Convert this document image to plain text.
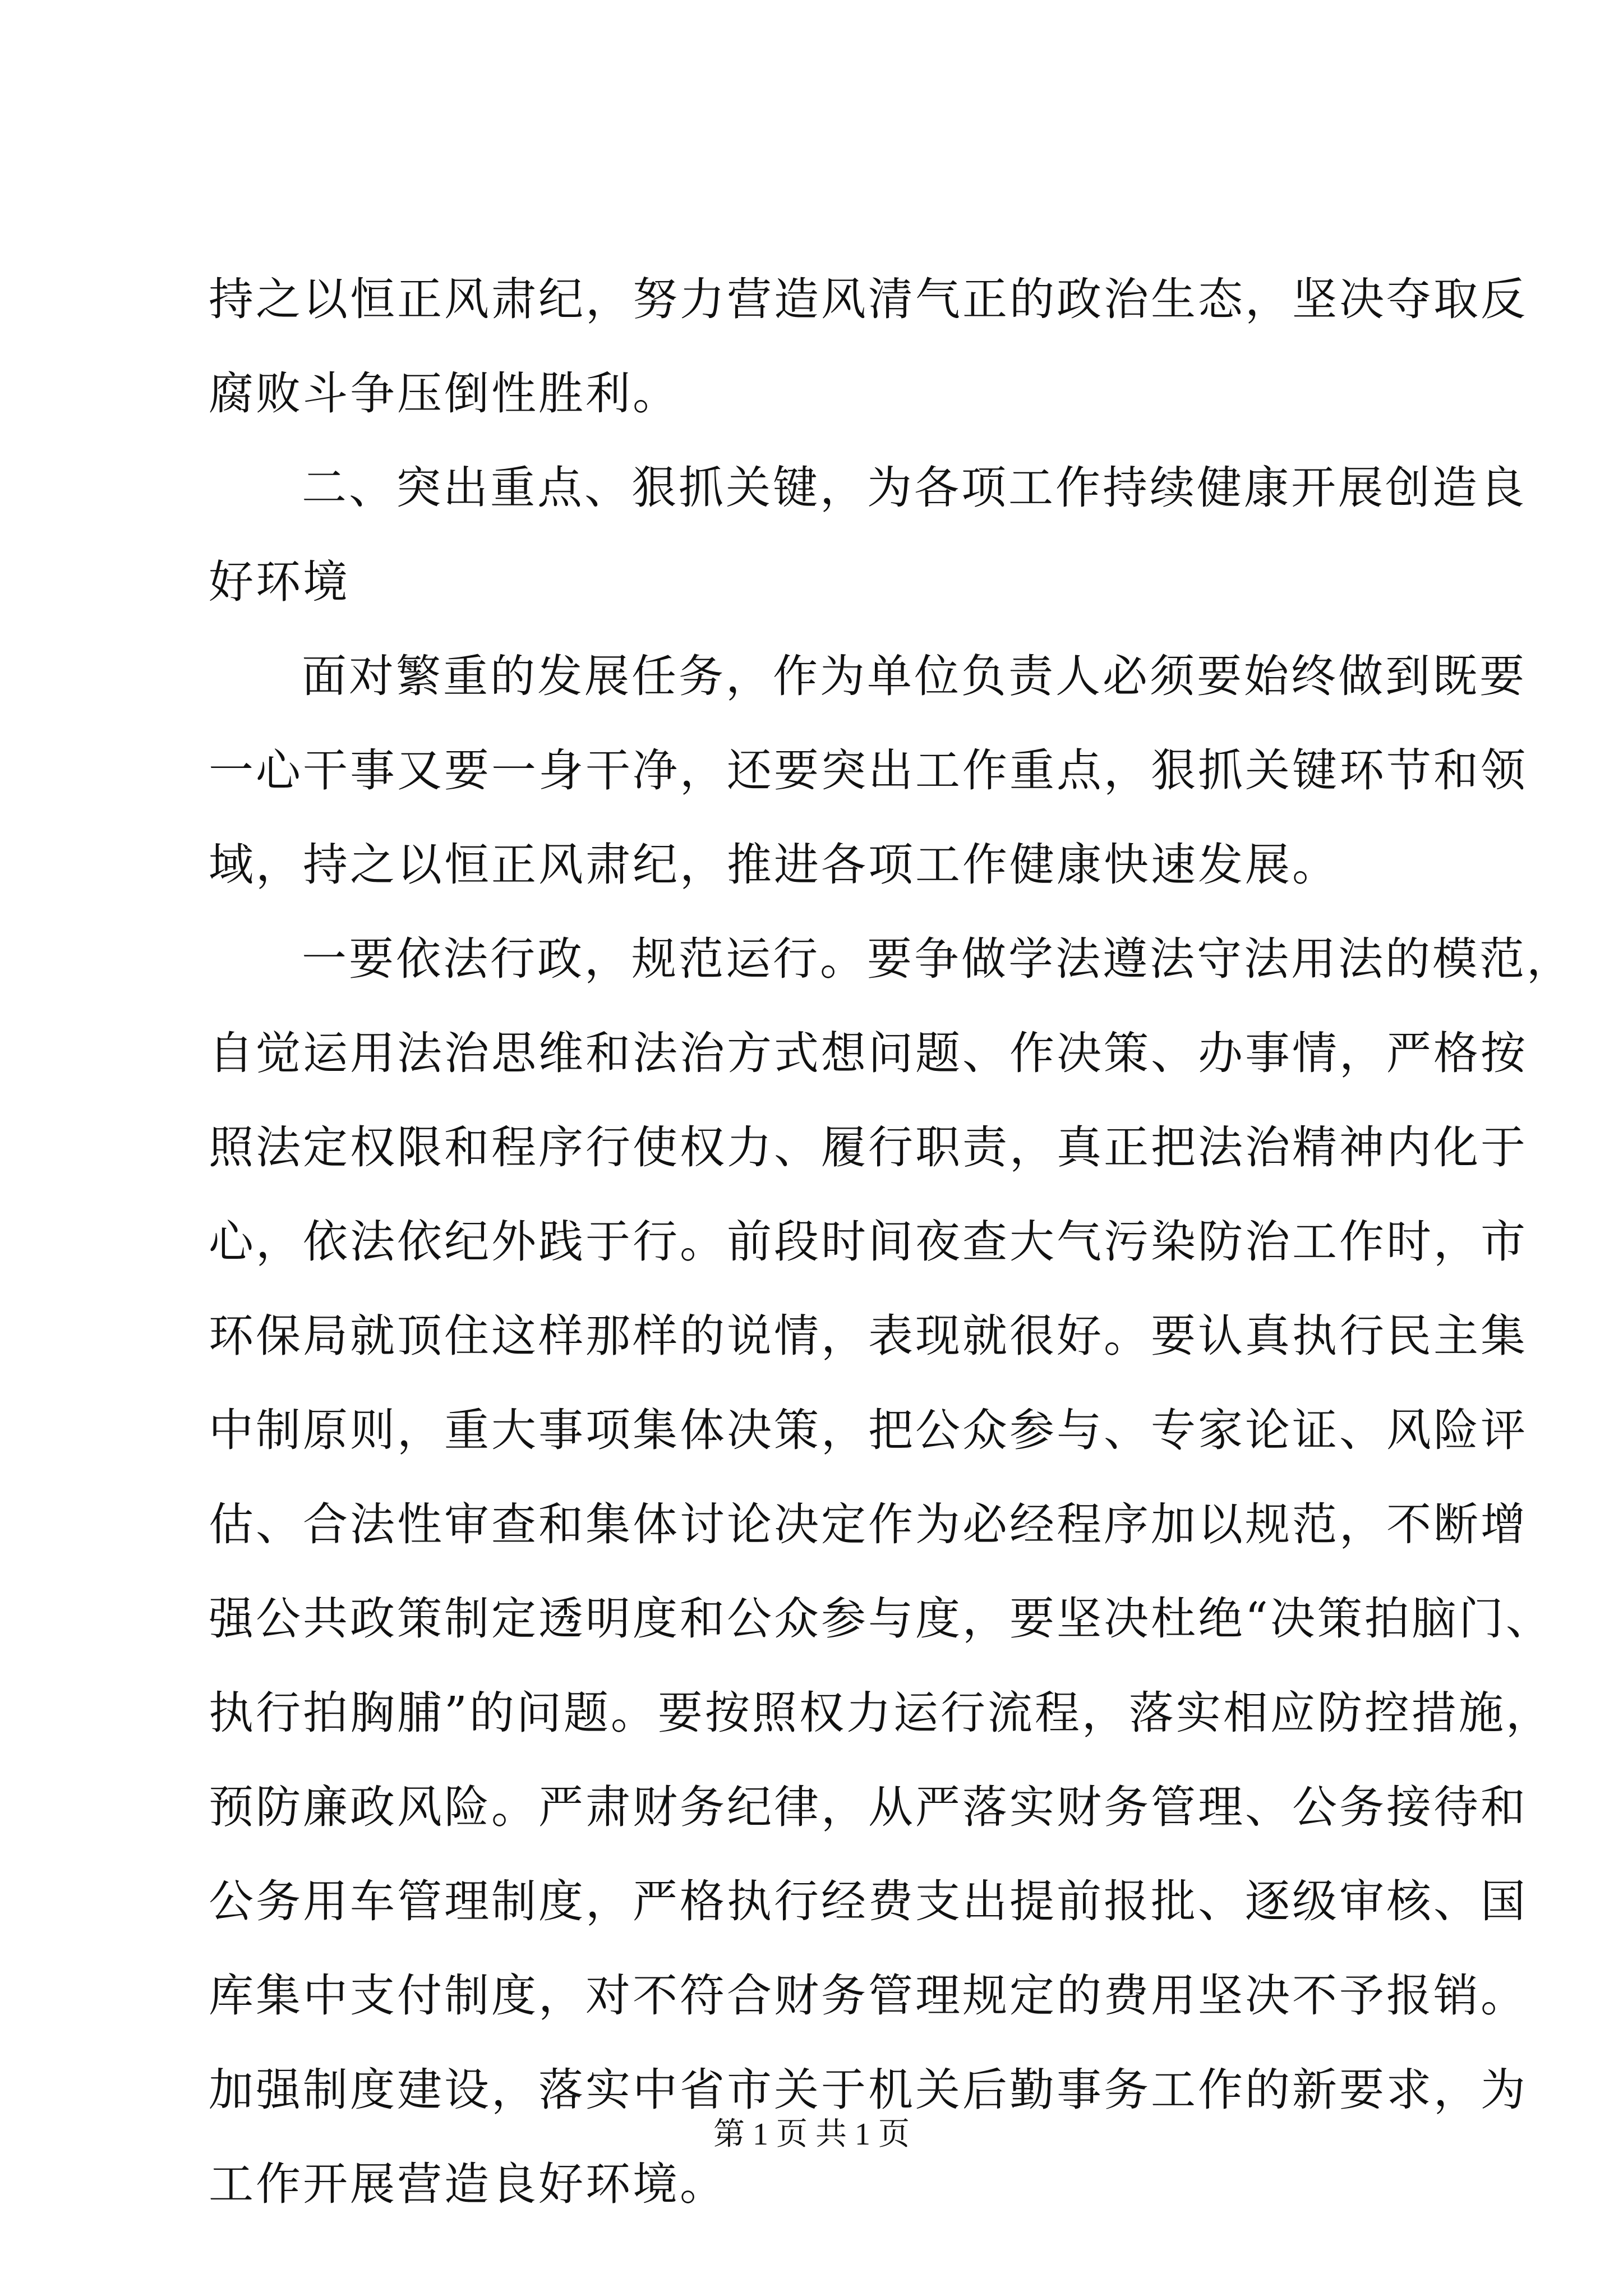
持之以恒正风肃纪，努力营造风清气正的政治生态，坚决夺取反
腐败斗争压倒性胜利。
二、突出重点、狠抓关键，为各项工作持续健康开展创造良
好环境
面对繁重的发展任务，作为单位负责人必须要始终做到既要
一心干事又要一身干净，还要突出工作重点，狠抓关键环节和领
域，持之以恒正风肃纪，推进各项工作健康快速发展。
一要依法行政，规范运行。要争做学法遵法守法用法的模范，
自觉运用法治思维和法治方式想问题、作决策、办事情，严格按
照法定权限和程序行使权力、履行职责，真正把法治精神内化于
心，依法依纪外践于行。前段时间夜查大气污染防治工作时，市
环保局就顶住这样那样的说情，表现就很好。要认真执行民主集
中制原则，重大事项集体决策，把公众参与、专家论证、风险评
估、合法性审查和集体讨论决定作为必经程序加以规范，不断增
强公共政策制定透明度和公众参与度，要坚决杜绝“决策拍脑门、
执行拍胸脯”的问题。要按照权力运行流程，落实相应防控措施，
预防廉政风险。严肃财务纪律，从严落实财务管理、公务接待和
公务用车管理制度，严格执行经费支出提前报批、逐级审核、国
库集中支付制度，对不符合财务管理规定的费用坚决不予报销。
加强制度建设，落实中省市关于机关后勤事务工作的新要求，为
工作开展营造良好环境。
第 1 页 共 1 页
